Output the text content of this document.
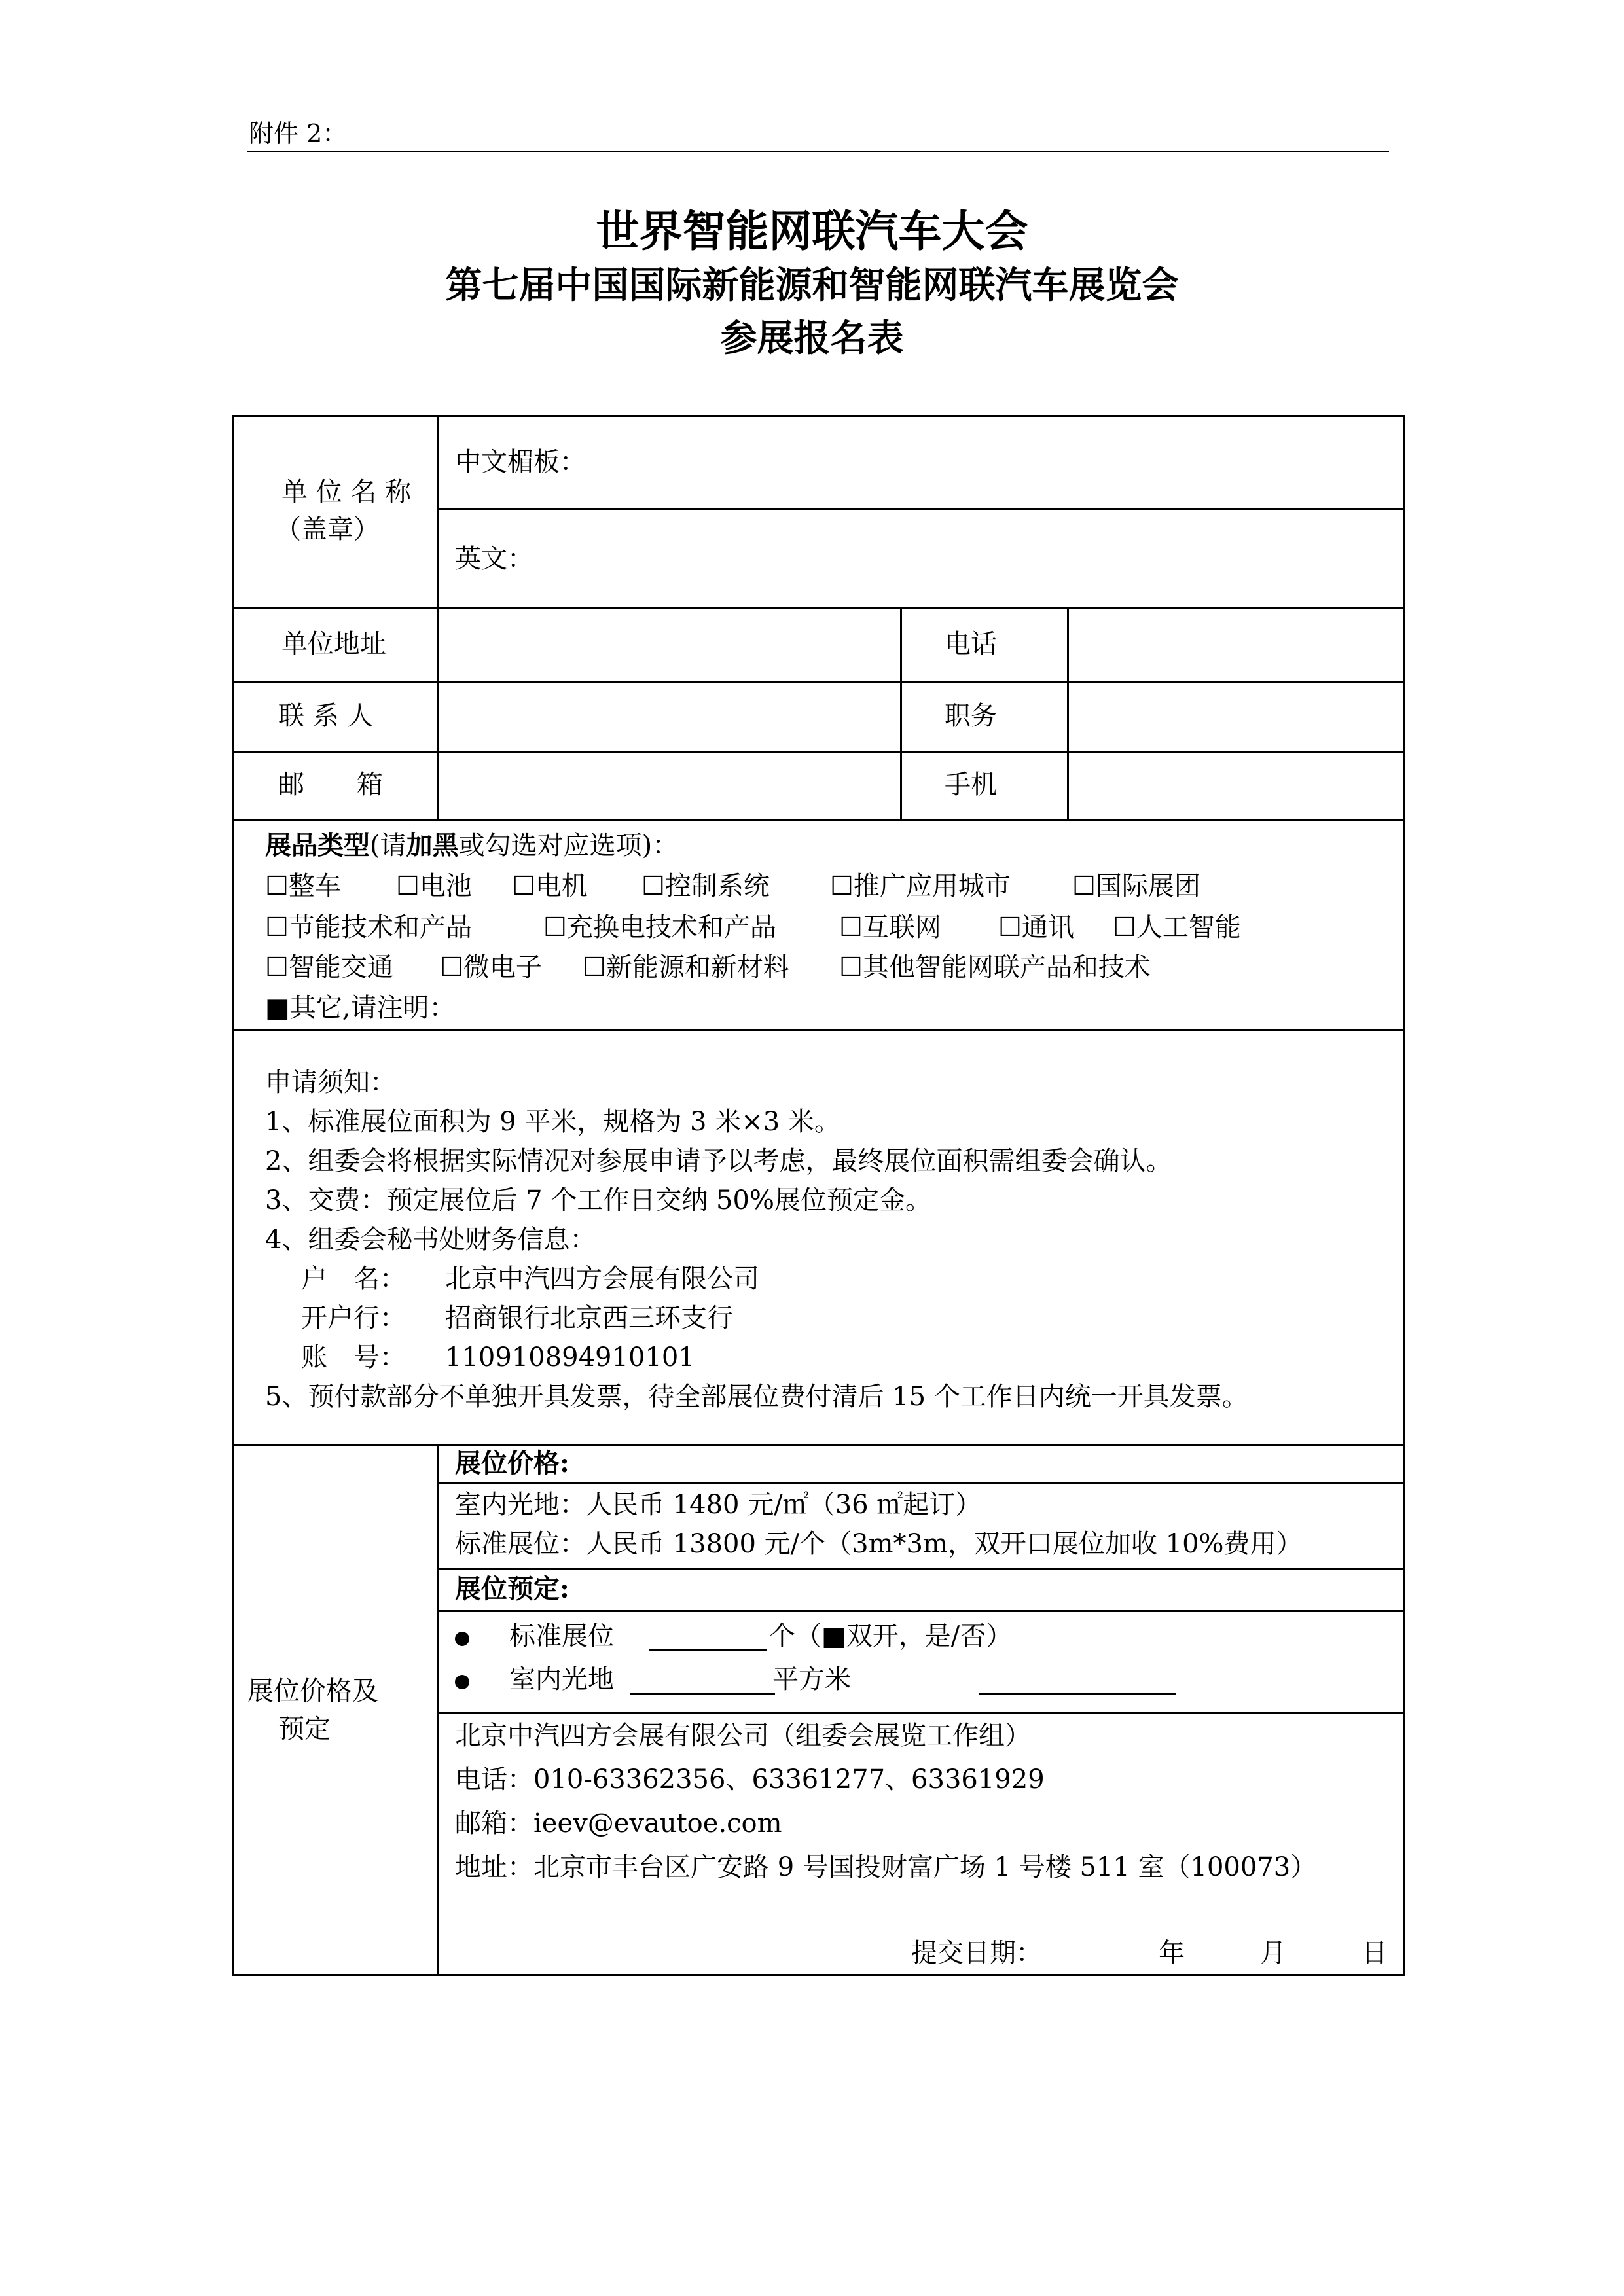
附件 2：
世界智能网联汽车大会
第七届中国国际新能源和智能网联汽车展览会
参展报名表
单 位 名 称
（盖章）
中文楣板：
英文：
单位地址	电话
联 系 人	职务
邮　　箱	手机
展品类型(请加黑或勾选对应选项)：
☐整车 ☐电池 ☐电机 ☐控制系统 ☐推广应用城市 ☐国际展团
☐节能技术和产品	☐充换电技术和产品 ☐互联网 ☐通讯 ☐人工智能
☐智能交通 ☐微电子 ☐新能源和新材料 ☐其他智能网联产品和技术
■其它,请注明：
申请须知：
1、标准展位面积为 9 平米，规格为 3 米×3 米。
2、组委会将根据实际情况对参展申请予以考虑，最终展位面积需组委会确认。
3、交费：预定展位后 7 个工作日交纳 50%展位预定金。
4、组委会秘书处财务信息：
户　名： 北京中汽四方会展有限公司
开户行： 招商银行北京西三环支行
账　号： 110910894910101
5、预付款部分不单独开具发票，待全部展位费付清后 15 个工作日内统一开具发票。
展位价格及
预定
展位价格:
室内光地：人民币 1480 元/㎡（36 ㎡起订）
标准展位：人民币 13800 元/个（3m*3m，双开口展位加收 10%费用）
展位预定:
标准展位	个（■双开，是/否）
室内光地	平方米
北京中汽四方会展有限公司（组委会展览工作组）
电话：010-63362356、63361277、63361929
邮箱：ieev@evautoe.com
地址：北京市丰台区广安路 9 号国投财富广场 1 号楼 511 室（100073）
提交日期：	年	月	日
